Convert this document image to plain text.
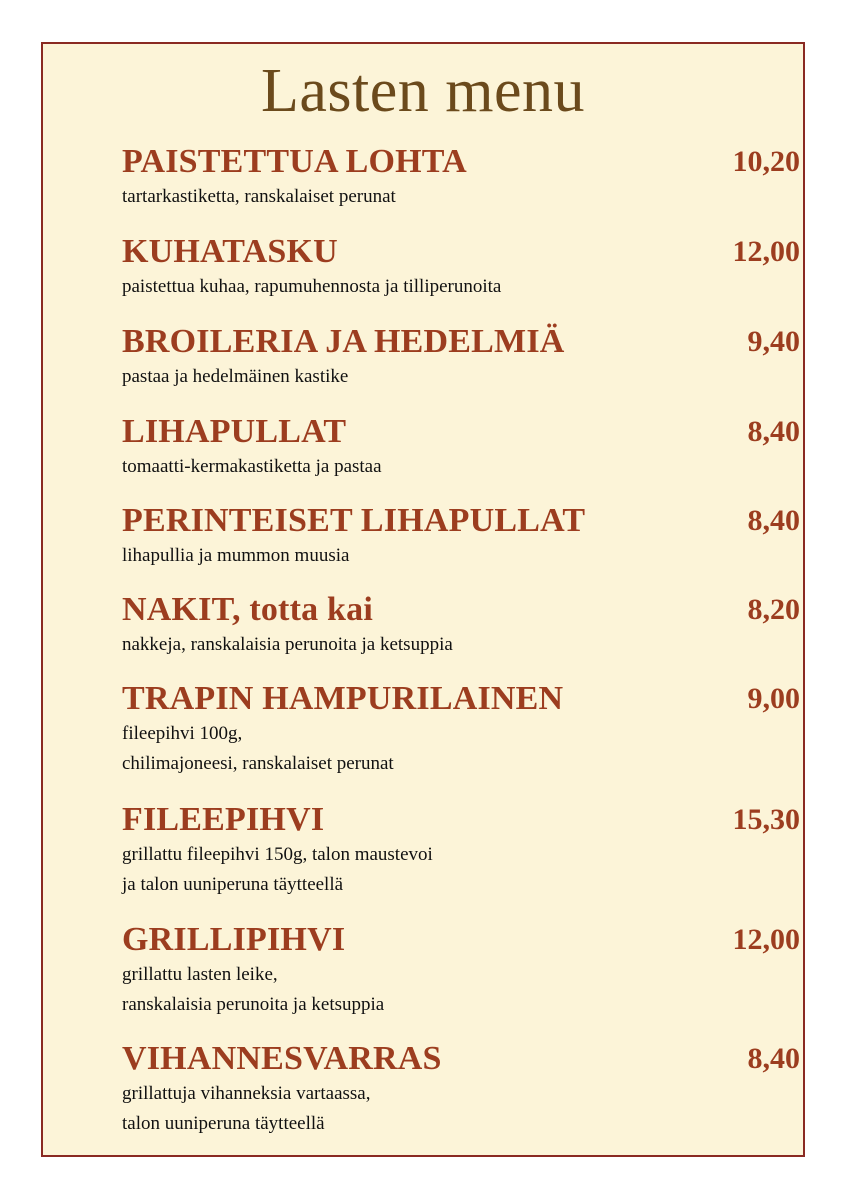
Lasten menu
PAISTETTUA LOHTA	10,20
tartarkastiketta, ranskalaiset perunat
KUHATASKU	12,00
paistettua kuhaa, rapumuhennosta ja tilliperunoita
BROILERIA JA HEDELMIÄ	9,40
pastaa ja hedelmäinen kastike
LIHAPULLAT	8,40
tomaatti-kermakastiketta ja pastaa
PERINTEISET LIHAPULLAT	8,40
lihapullia ja mummon muusia
NAKIT, totta kai	8,20
nakkeja, ranskalaisia perunoita ja ketsuppia
TRAPIN HAMPURILAINEN	9,00
fileepihvi 100g,
chilimajoneesi, ranskalaiset perunat
FILEEPIHVI	15,30
grillattu fileepihvi 150g, talon maustevoi
ja talon uuniperuna täytteellä
GRILLIPIHVI	12,00
grillattu lasten leike,
ranskalaisia perunoita ja ketsuppia
VIHANNESVARRAS	8,40
grillattuja vihanneksia vartaassa,
talon uuniperuna täytteellä
